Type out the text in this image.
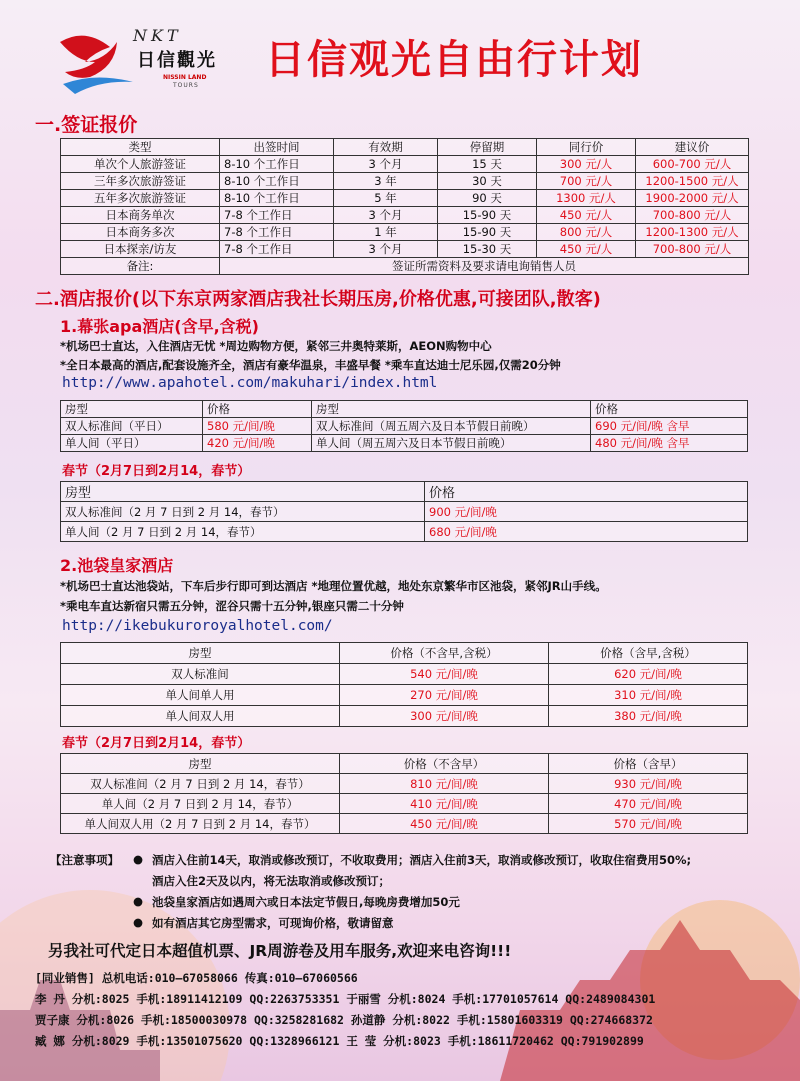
NKT
日信觀光
NISSIN LAND
TOURS
日信观光自由行计划
一.签证报价
类型	出签时间	有效期	停留期	同行价	建议价
单次个人旅游签证	8-10 个工作日	3 个月	15 天	300 元/人	600-700 元/人
三年多次旅游签证	8-10 个工作日	3 年	30 天	700 元/人	1200-1500 元/人
五年多次旅游签证	8-10 个工作日	5 年	90 天	1300 元/人	1900-2000 元/人
日本商务单次	7-8 个工作日	3 个月	15-90 天	450 元/人	700-800 元/人
日本商务多次	7-8 个工作日	1 年	15-90 天	800 元/人	1200-1300 元/人
日本探亲/访友	7-8 个工作日	3 个月	15-30 天	450 元/人	700-800 元/人
备注:	签证所需资料及要求请电询销售人员				
二.酒店报价(以下东京两家酒店我社长期压房,价格优惠,可接团队,散客)
1.幕张apa酒店(含早,含税)
*机场巴士直达，入住酒店无忧 *周边购物方便，紧邻三井奥特莱斯，AEON购物中心
*全日本最高的酒店,配套设施齐全，酒店有豪华温泉，丰盛早餐 *乘车直达迪士尼乐园,仅需20分钟
http://www.apahotel.com/makuhari/index.html
房型	价格	房型	价格
双人标准间（平日）	580 元/间/晚	双人标准间（周五周六及日本节假日前晚）	690 元/间/晚 含早
单人间（平日）	420 元/间/晚	单人间（周五周六及日本节假日前晚）	480 元/间/晚 含早
春节（2月7日到2月14，春节）
房型	价格
双人标准间（2 月 7 日到 2 月 14，春节）	900 元/间/晚
单人间（2 月 7 日到 2 月 14，春节）	680 元/间/晚
2.池袋皇家酒店
*机场巴士直达池袋站，下车后步行即可到达酒店 *地理位置优越，地处东京繁华市区池袋，紧邻JR山手线。
*乘电车直达新宿只需五分钟，涩谷只需十五分钟,银座只需二十分钟
http://ikebukuroroyalhotel.com/
房型	价格（不含早,含税）	价格（含早,含税）
双人标准间	540 元/间/晚	620 元/间/晚
单人间单人用	270 元/间/晚	310 元/间/晚
单人间双人用	300 元/间/晚	380 元/间/晚
春节（2月7日到2月14，春节）
房型	价格（不含早）	价格（含早）
双人标准间（2 月 7 日到 2 月 14，春节）	810 元/间/晚	930 元/间/晚
单人间（2 月 7 日到 2 月 14，春节）	410 元/间/晚	470 元/间/晚
单人间双人用（2 月 7 日到 2 月 14，春节）	450 元/间/晚	570 元/间/晚
【注意事项】 ● 酒店入住前14天，取消或修改预订，不收取费用；酒店入住前3天，取消或修改预订，收取住宿费用50%;
酒店入住2天及以内，将无法取消或修改预订；
● 池袋皇家酒店如遇周六或日本法定节假日,每晚房费增加50元
● 如有酒店其它房型需求，可现询价格，敬请留意
另我社可代定日本超值机票、JR周游卷及用车服务,欢迎来电咨询!!!
[同业销售] 总机电话:010—67058066 传真:010—67060566
李 丹 分机:8025 手机:18911412109 QQ:2263753351 于丽雪 分机:8024 手机:17701057614 QQ:2489084301
贾子康 分机:8026 手机:18500030978 QQ:3258281682 孙道静 分机:8022 手机:15801603319 QQ:274668372
臧 娜 分机:8029 手机:13501075620 QQ:1328966121 王 莹 分机:8023 手机:18611720462 QQ:791902899
